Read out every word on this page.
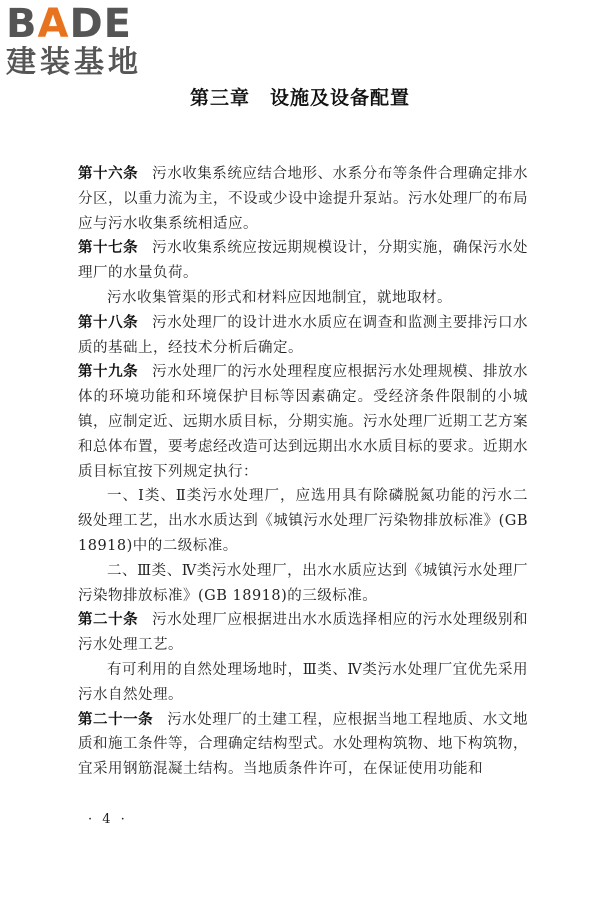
BADE
建装基地
第三章　设施及设备配置

第十六条 污水收集系统应结合地形、水系分布等条件合理确定排水分区，以重力流为主，不设或少设中途提升泵站。污水处理厂的布局应与污水收集系统相适应。

第十七条 污水收集系统应按远期规模设计，分期实施，确保污水处理厂的水量负荷。

污水收集管渠的形式和材料应因地制宜，就地取材。

第十八条 污水处理厂的设计进水水质应在调查和监测主要排污口水质的基础上，经技术分析后确定。

第十九条 污水处理厂的污水处理程度应根据污水处理规模、排放水体的环境功能和环境保护目标等因素确定。受经济条件限制的小城镇，应制定近、远期水质目标，分期实施。污水处理厂近期工艺方案和总体布置，要考虑经改造可达到远期出水水质目标的要求。近期水质目标宜按下列规定执行：

一、Ⅰ类、Ⅱ类污水处理厂，应选用具有除磷脱氮功能的污水二级处理工艺，出水水质达到《城镇污水处理厂污染物排放标准》(GB 18918)中的二级标准。

二、Ⅲ类、Ⅳ类污水处理厂，出水水质应达到《城镇污水处理厂污染物排放标准》(GB 18918)的三级标准。

第二十条 污水处理厂应根据进出水水质选择相应的污水处理级别和污水处理工艺。

有可利用的自然处理场地时，Ⅲ类、Ⅳ类污水处理厂宜优先采用污水自然处理。

第二十一条 污水处理厂的土建工程，应根据当地工程地质、水文地质和施工条件等，合理确定结构型式。水处理构筑物、地下构筑物，宜采用钢筋混凝土结构。当地质条件许可，在保证使用功能和

· 4 ·
